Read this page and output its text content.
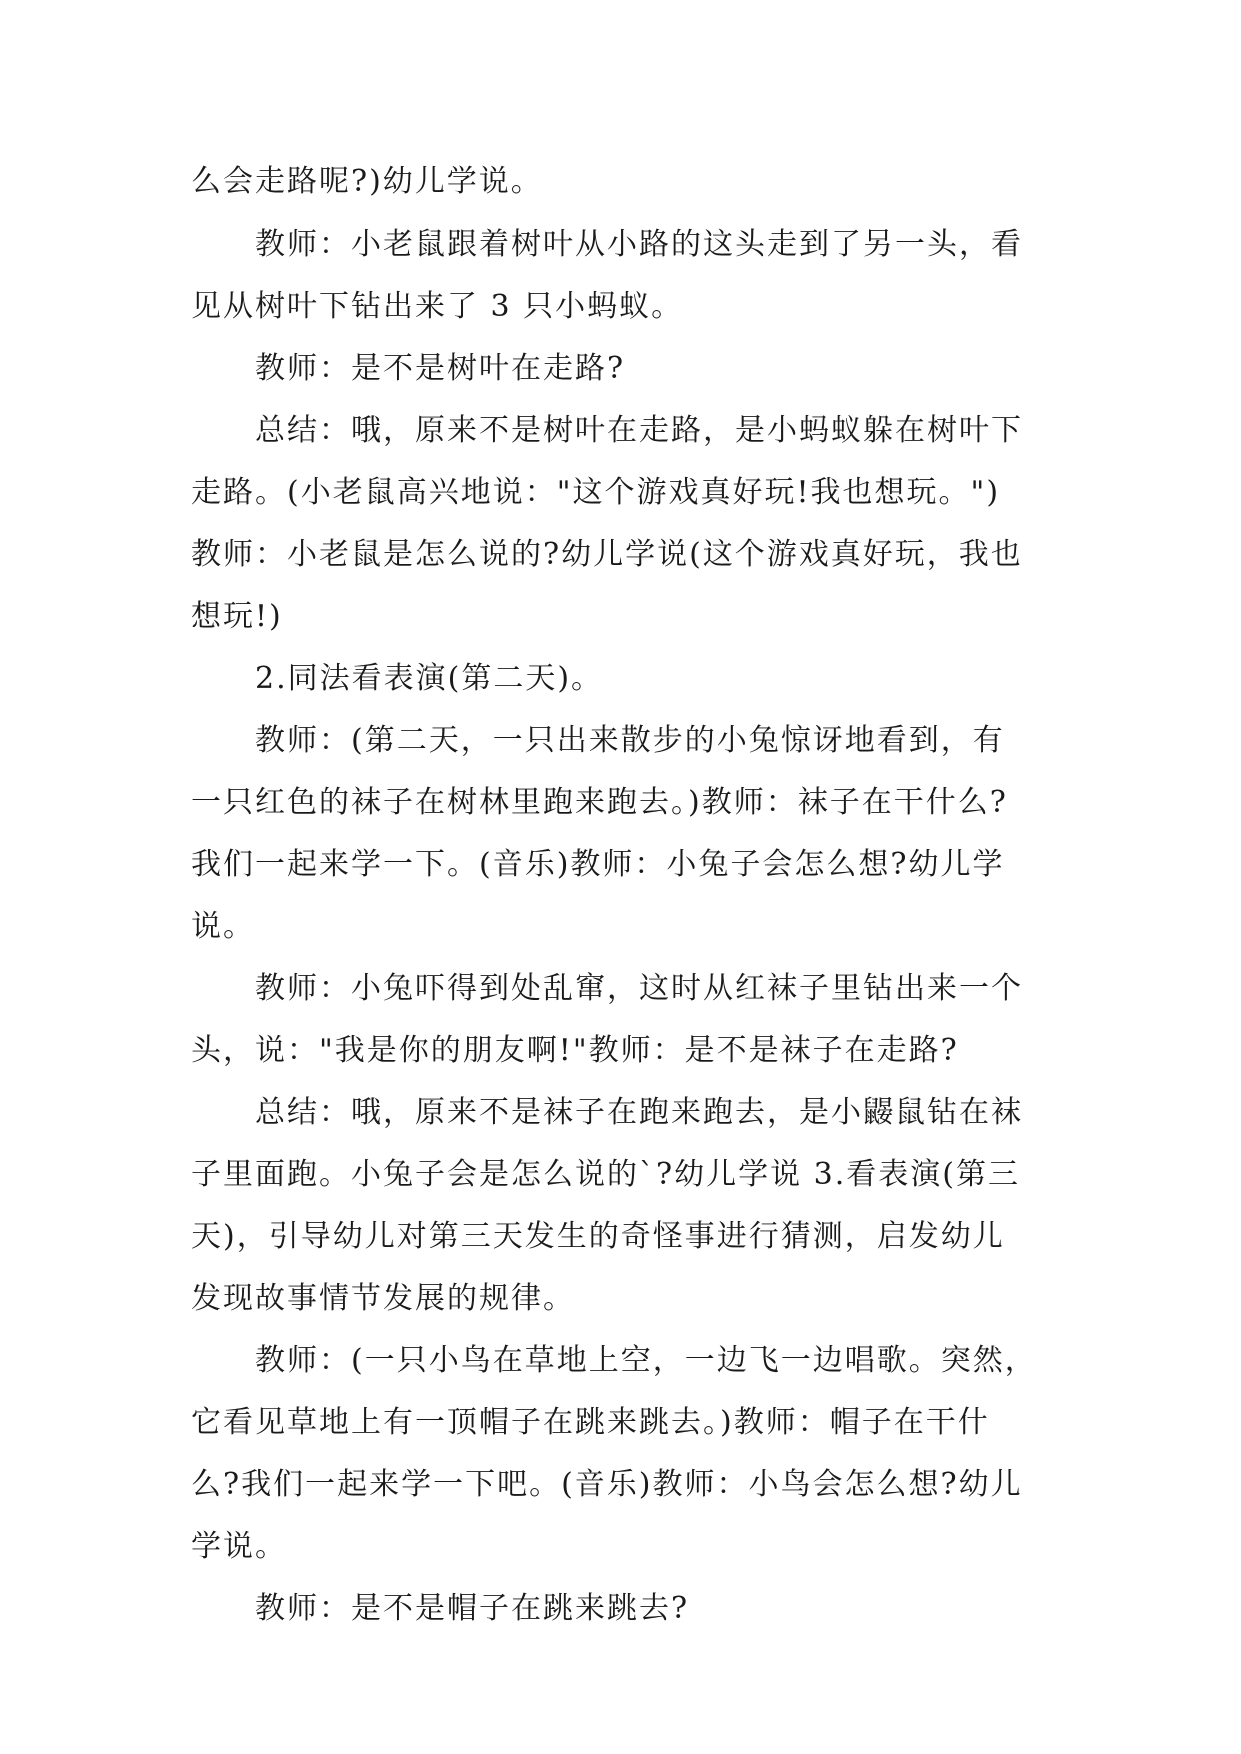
么会走路呢?)幼儿学说。
教师：小老鼠跟着树叶从小路的这头走到了另一头，看
见从树叶下钻出来了 3 只小蚂蚁。
教师：是不是树叶在走路?
总结：哦，原来不是树叶在走路，是小蚂蚁躲在树叶下
走路。(小老鼠高兴地说："这个游戏真好玩!我也想玩。")
教师：小老鼠是怎么说的?幼儿学说(这个游戏真好玩，我也
想玩!)
2.同法看表演(第二天)。
教师：(第二天，一只出来散步的小兔惊讶地看到，有
一只红色的袜子在树林里跑来跑去。)教师：袜子在干什么?
我们一起来学一下。(音乐)教师：小兔子会怎么想?幼儿学
说。
教师：小兔吓得到处乱窜，这时从红袜子里钻出来一个
头，说："我是你的朋友啊!"教师：是不是袜子在走路?
总结：哦，原来不是袜子在跑来跑去，是小鼹鼠钻在袜
子里面跑。小兔子会是怎么说的`?幼儿学说 3.看表演(第三
天)，引导幼儿对第三天发生的奇怪事进行猜测，启发幼儿
发现故事情节发展的规律。
教师：(一只小鸟在草地上空，一边飞一边唱歌。突然，
它看见草地上有一顶帽子在跳来跳去。)教师：帽子在干什
么?我们一起来学一下吧。(音乐)教师：小鸟会怎么想?幼儿
学说。
教师：是不是帽子在跳来跳去?
